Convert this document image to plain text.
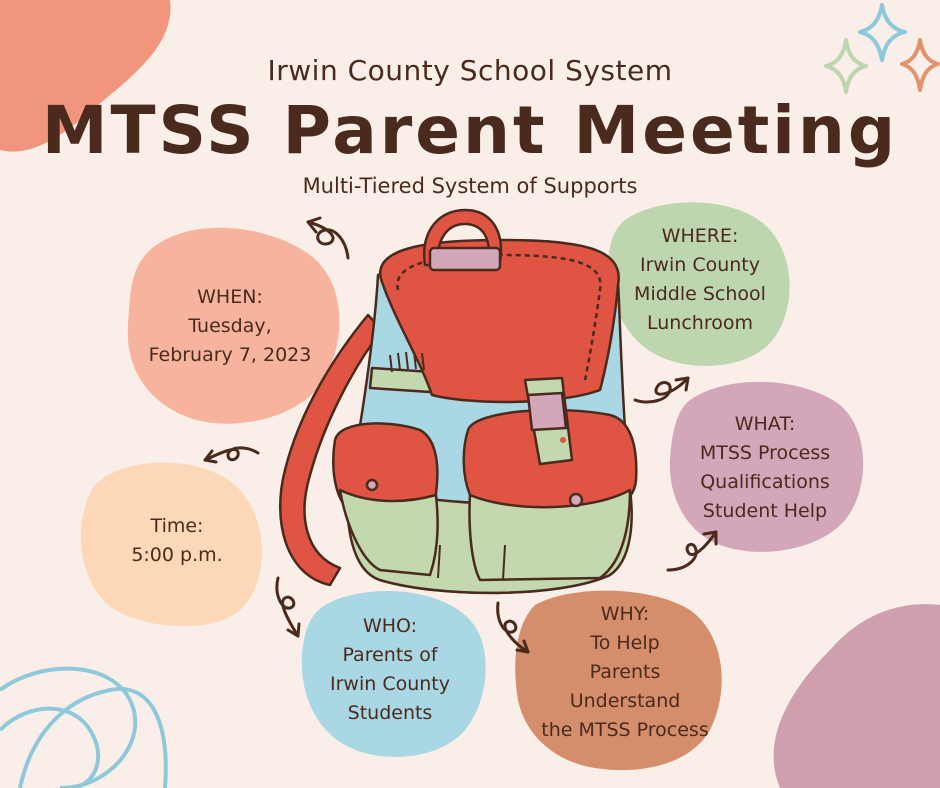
Irwin County School System
MTSS Parent Meeting
Multi-Tiered System of Supports
WHEN:
Tuesday,
February 7, 2023
Time:
5:00 p.m.
WHERE:
Irwin County
Middle School
Lunchroom
WHAT:
MTSS Process
Qualifications
Student Help
WHO:
Parents of
Irwin County
Students
WHY:
To Help
Parents
Understand
the MTSS Process
